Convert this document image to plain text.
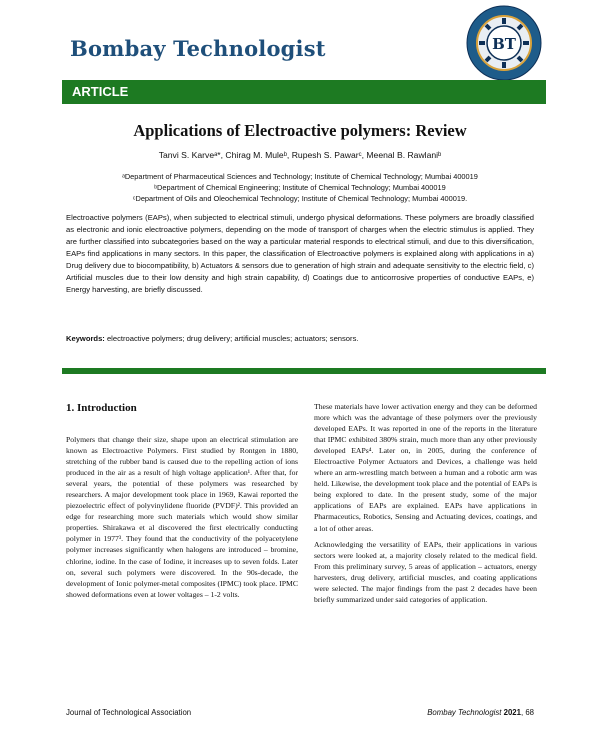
Bombay Technologist	BT
ARTICLE
Applications of Electroactive polymers: Review
Tanvi S. Karveᵃ*, Chirag M. Muleᵇ, Rupesh S. Pawarᶜ, Meenal B. Rawlaniᵇ
ᵃDepartment of Pharmaceutical Sciences and Technology; Institute of Chemical Technology; Mumbai 400019
ᵇDepartment of Chemical Engineering; Institute of Chemical Technology; Mumbai 400019
ᶜDepartment of Oils and Oleochemical Technology; Institute of Chemical Technology; Mumbai 400019.
Electroactive polymers (EAPs), when subjected to electrical stimuli, undergo physical deformations. These polymers are broadly classified as electronic and ionic electroactive polymers, depending on the mode of transport of charges when the electric stimulus is applied. They are further classified into subcategories based on the way a particular material responds to electrical stimuli, and due to this diversification, EAPs find applications in many sectors. In this paper, the classification of Electroactive polymers is explained along with applications in a) Drug delivery due to biocompatibility, b) Actuators & sensors due to generation of high strain and adequate sensitivity to the electric field, c) Artificial muscles due to their low density and high strain capability, d) Coatings due to anticorrosive properties of conductive EAPs, e) Energy harvesting, are briefly discussed.
Keywords: electroactive polymers; drug delivery; artificial muscles; actuators; sensors.
1. Introduction

Polymers that change their size, shape upon an electrical stimulation are known as Electroactive Polymers. First studied by Rontgen in 1880, stretching of the rubber band is caused due to the repelling action of ions produced in the air as a result of high voltage application¹. After that, for several years, the potential of these polymers was researched by researchers. A major development took place in 1969, Kawai reported the piezoelectric effect of polyvinylidene fluoride (PVDF)². This provided an edge for researching more such materials which would show similar properties. Shirakawa et al discovered the first electrically conducting polymer in 1977³. They found that the conductivity of the polyacetylene polymer increases significantly when halogens are introduced – bromine, chlorine, iodine. In the case of Iodine, it increases up to seven folds. Later on, several such polymers were discovered. In the 90s-decade, the development of Ionic polymer-metal composites (IPMC) took place. IPMC showed deformations even at lower voltages – 1-2 volts.

These materials have lower activation energy and they can be deformed more which was the advantage of these polymers over the previously developed EAPs. It was reported in one of the reports in the literature that IPMC exhibited 380% strain, much more than any other previously developed EAPs⁴. Later on, in 2005, during the conference of Electroactive Polymer Actuators and Devices, a challenge was held where an arm-wrestling match between a human and a robotic arm was held. Likewise, the development took place and the potential of EAPs is being explored to date. In the present study, some of the major applications of EAPs are explained. EAPs have applications in Pharmaceutics, Robotics, Sensing and Actuating devices, coatings, and a lot of other areas.

Acknowledging the versatility of EAPs, their applications in various sectors were looked at, a majority closely related to the medical field. From this preliminary survey, 5 areas of application – actuators, energy harvesters, drug delivery, artificial muscles, and coating applications were selected. The major findings from the past 2 decades have been briefly summarized under said categories of application.

Journal of Technological Association	Bombay Technologist 2021, 68
